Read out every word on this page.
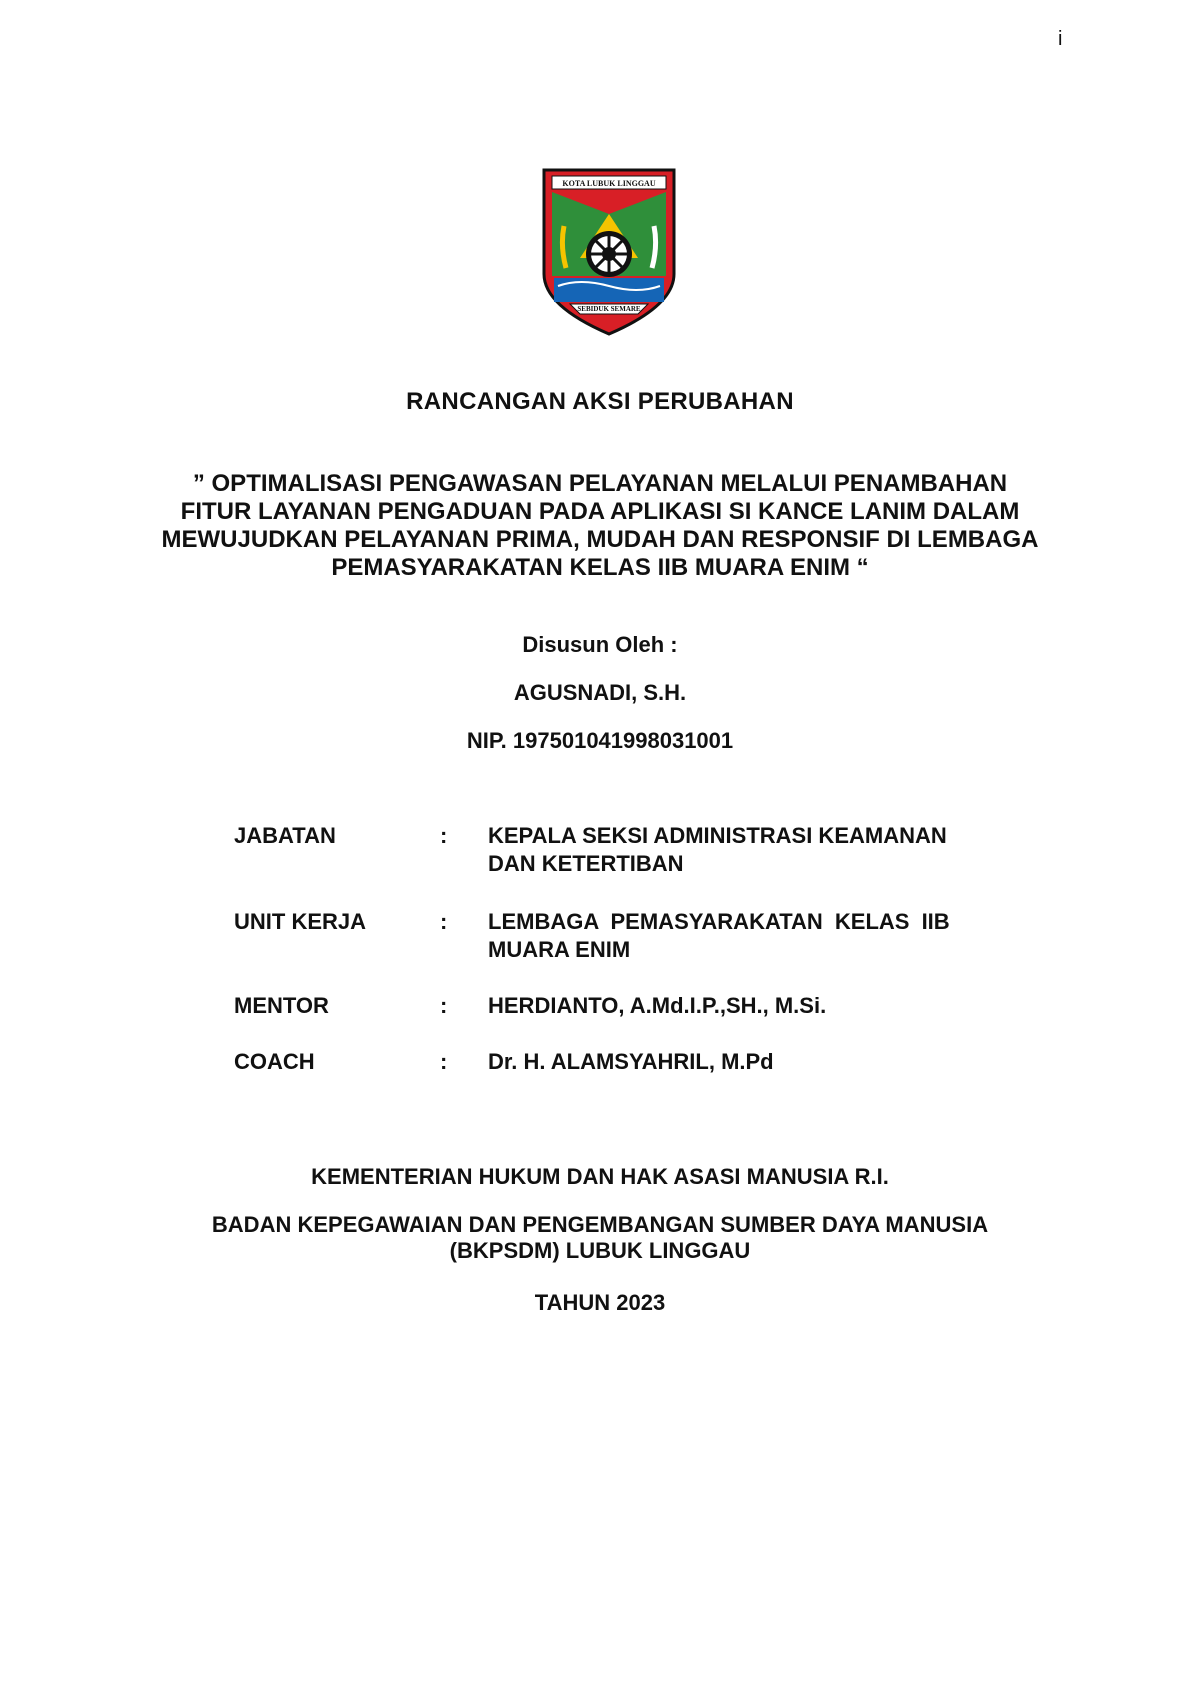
i
KOTA LUBUK LINGGAU
SEBIDUK SEMARE
RANCANGAN AKSI PERUBAHAN
” OPTIMALISASI PENGAWASAN PELAYANAN MELALUI PENAMBAHAN
FITUR LAYANAN PENGADUAN PADA APLIKASI SI KANCE LANIM DALAM
MEWUJUDKAN PELAYANAN PRIMA, MUDAH DAN RESPONSIF DI LEMBAGA
PEMASYARAKATAN KELAS IIB MUARA ENIM “
Disusun Oleh :
AGUSNADI, S.H.
NIP. 197501041998031001
JABATAN	:	KEPALA SEKSI ADMINISTRASI KEAMANAN
DAN KETERTIBAN
UNIT KERJA	:	LEMBAGA PEMASYARAKATAN KELAS IIB
MUARA ENIM
MENTOR	:	HERDIANTO, A.Md.I.P.,SH., M.Si.
COACH	:	Dr. H. ALAMSYAHRIL, M.Pd
KEMENTERIAN HUKUM DAN HAK ASASI MANUSIA R.I.
BADAN KEPEGAWAIAN DAN PENGEMBANGAN SUMBER DAYA MANUSIA
(BKPSDM) LUBUK LINGGAU
TAHUN 2023
